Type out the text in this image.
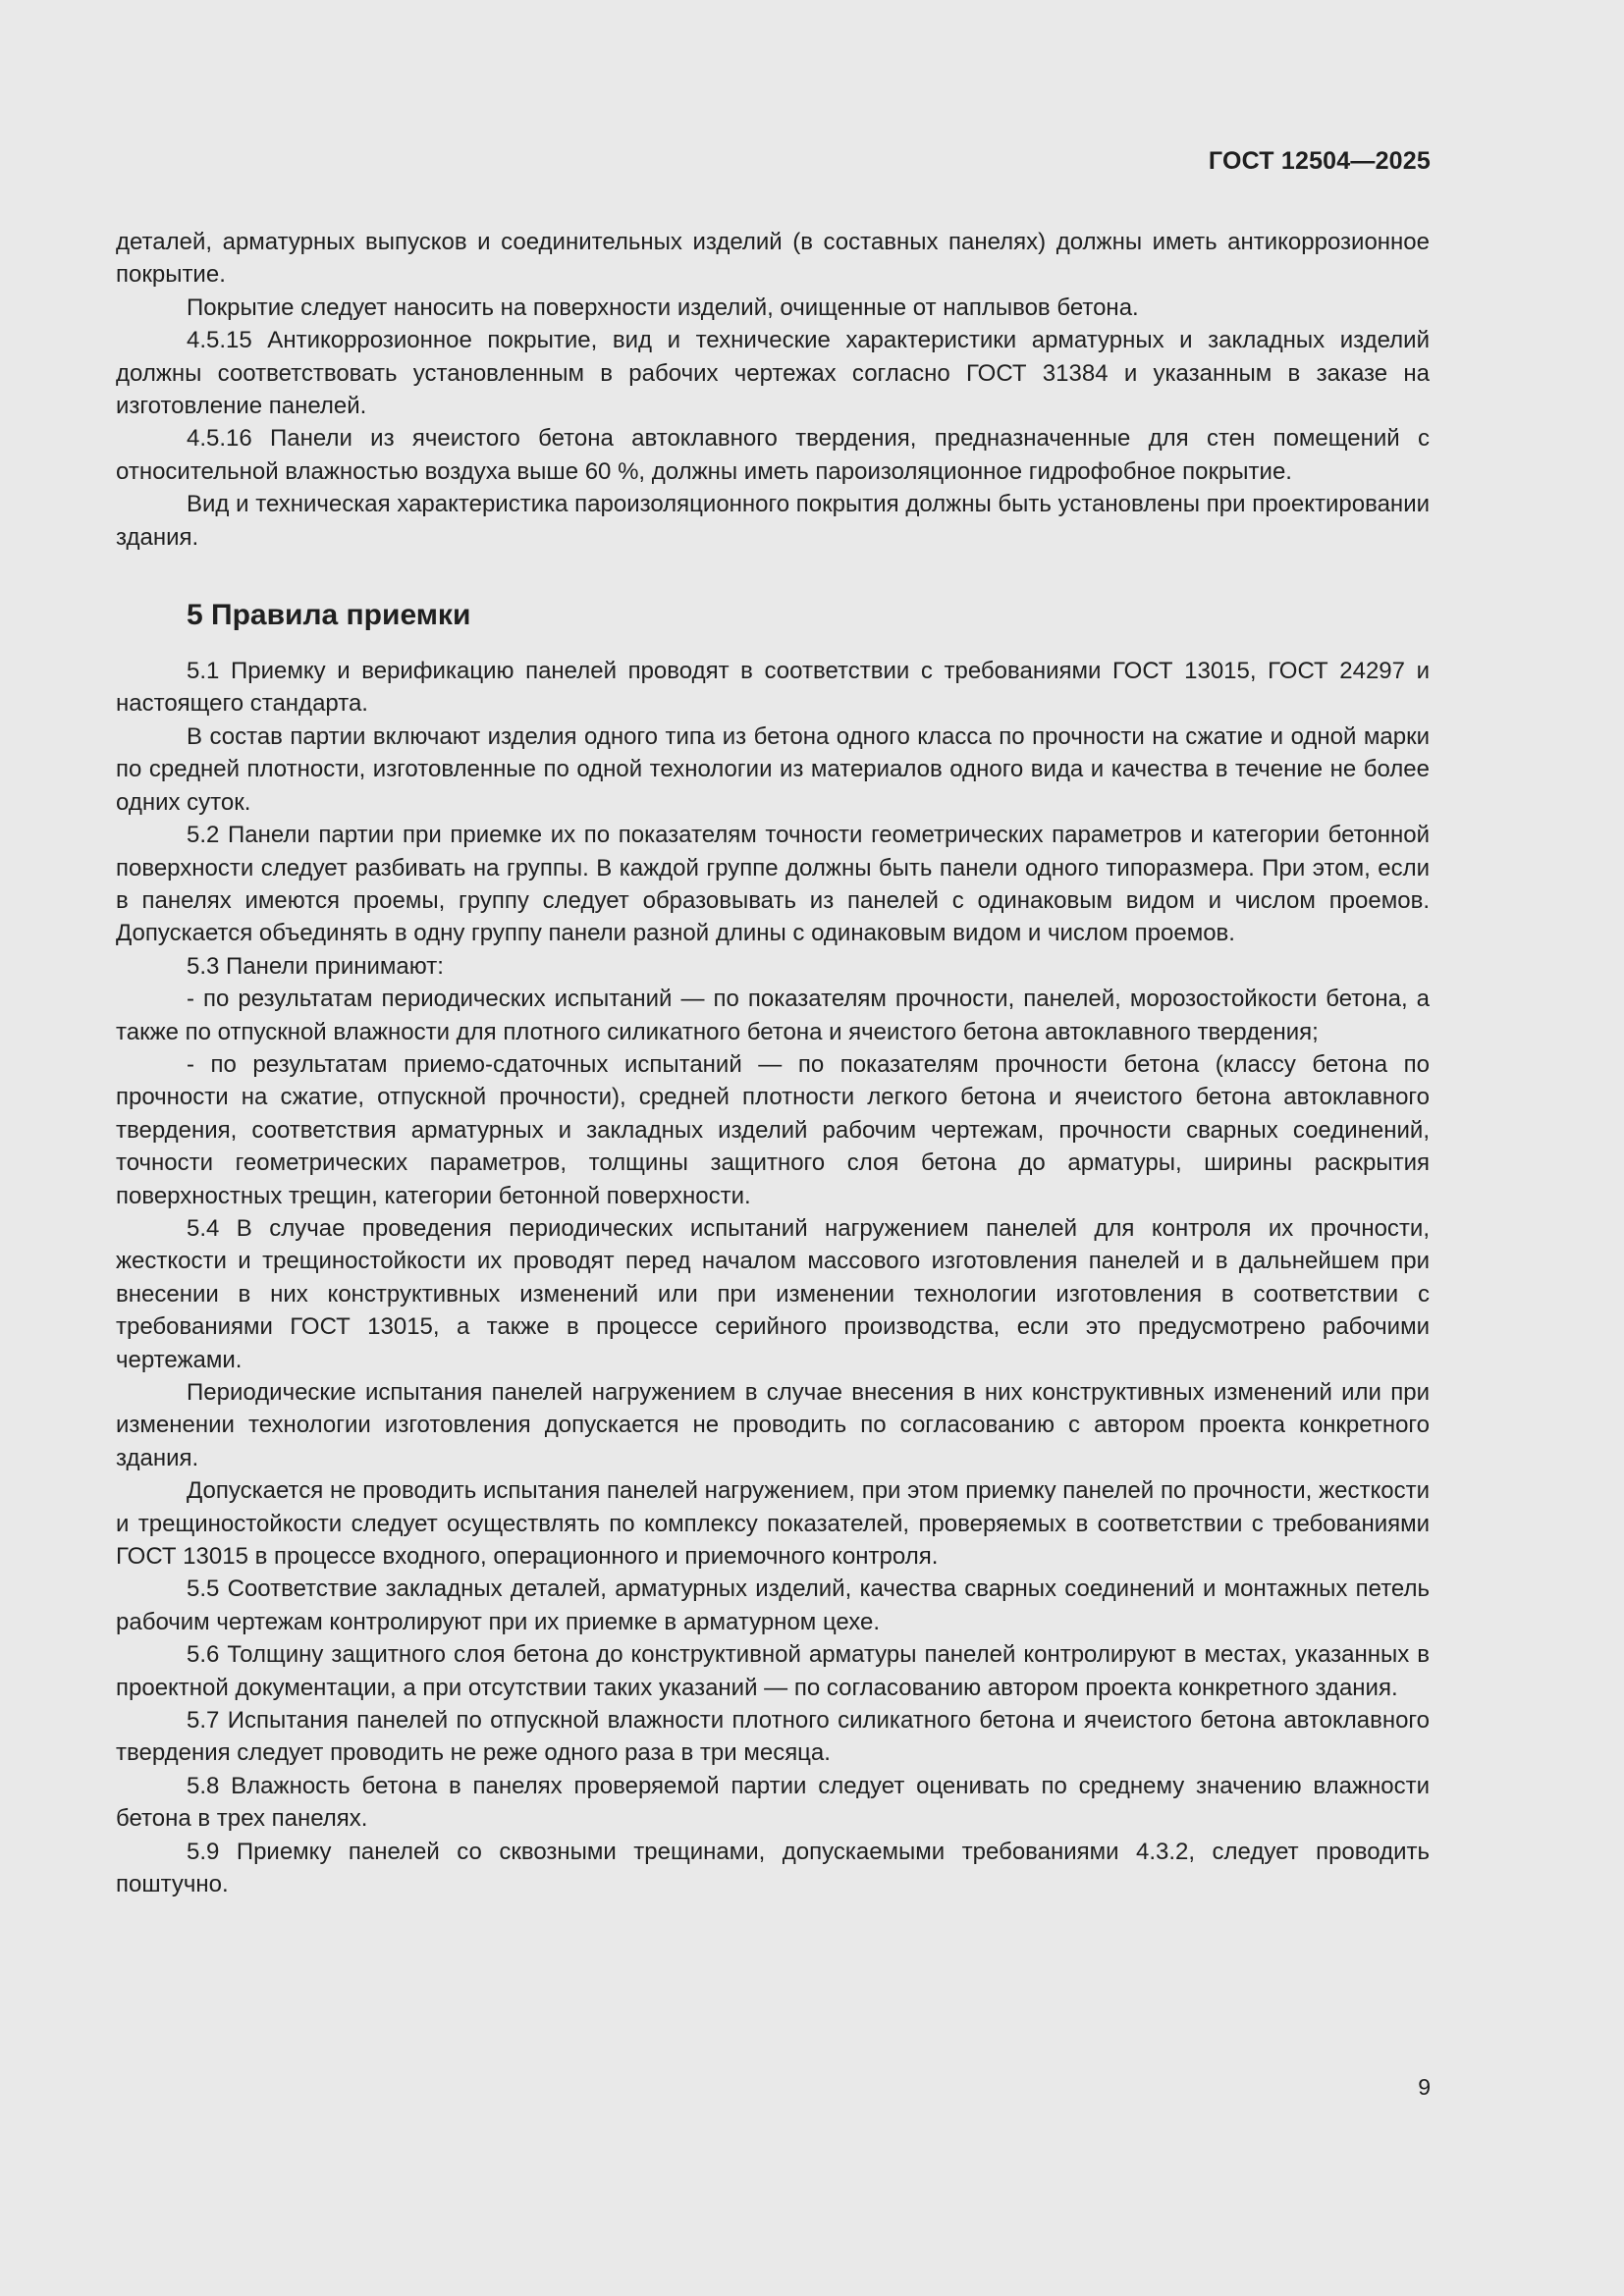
ГОСТ 12504—2025

деталей, арматурных выпусков и соединительных изделий (в составных панелях) должны иметь антикоррозионное покрытие.

Покрытие следует наносить на поверхности изделий, очищенные от наплывов бетона.

4.5.15 Антикоррозионное покрытие, вид и технические характеристики арматурных и закладных изделий должны соответствовать установленным в рабочих чертежах согласно ГОСТ 31384 и указанным в заказе на изготовление панелей.

4.5.16 Панели из ячеистого бетона автоклавного твердения, предназначенные для стен помещений с относительной влажностью воздуха выше 60 %, должны иметь пароизоляционное гидрофобное покрытие.

Вид и техническая характеристика пароизоляционного покрытия должны быть установлены при проектировании здания.

5 Правила приемки

5.1 Приемку и верификацию панелей проводят в соответствии с требованиями ГОСТ 13015, ГОСТ 24297 и настоящего стандарта.

В состав партии включают изделия одного типа из бетона одного класса по прочности на сжатие и одной марки по средней плотности, изготовленные по одной технологии из материалов одного вида и качества в течение не более одних суток.

5.2 Панели партии при приемке их по показателям точности геометрических параметров и категории бетонной поверхности следует разбивать на группы. В каждой группе должны быть панели одного типоразмера. При этом, если в панелях имеются проемы, группу следует образовывать из панелей с одинаковым видом и числом проемов. Допускается объединять в одну группу панели разной длины с одинаковым видом и числом проемов.

5.3 Панели принимают:

- по результатам периодических испытаний — по показателям прочности, панелей, морозостойкости бетона, а также по отпускной влажности для плотного силикатного бетона и ячеистого бетона автоклавного твердения;

- по результатам приемо-сдаточных испытаний — по показателям прочности бетона (классу бетона по прочности на сжатие, отпускной прочности), средней плотности легкого бетона и ячеистого бетона автоклавного твердения, соответствия арматурных и закладных изделий рабочим чертежам, прочности сварных соединений, точности геометрических параметров, толщины защитного слоя бетона до арматуры, ширины раскрытия поверхностных трещин, категории бетонной поверхности.

5.4 В случае проведения периодических испытаний нагружением панелей для контроля их прочности, жесткости и трещиностойкости их проводят перед началом массового изготовления панелей и в дальнейшем при внесении в них конструктивных изменений или при изменении технологии изготовления в соответствии с требованиями ГОСТ 13015, а также в процессе серийного производства, если это предусмотрено рабочими чертежами.

Периодические испытания панелей нагружением в случае внесения в них конструктивных изменений или при изменении технологии изготовления допускается не проводить по согласованию с автором проекта конкретного здания.

Допускается не проводить испытания панелей нагружением, при этом приемку панелей по прочности, жесткости и трещиностойкости следует осуществлять по комплексу показателей, проверяемых в соответствии с требованиями ГОСТ 13015 в процессе входного, операционного и приемочного контроля.

5.5 Соответствие закладных деталей, арматурных изделий, качества сварных соединений и монтажных петель рабочим чертежам контролируют при их приемке в арматурном цехе.

5.6 Толщину защитного слоя бетона до конструктивной арматуры панелей контролируют в местах, указанных в проектной документации, а при отсутствии таких указаний — по согласованию автором проекта конкретного здания.

5.7 Испытания панелей по отпускной влажности плотного силикатного бетона и ячеистого бетона автоклавного твердения следует проводить не реже одного раза в три месяца.

5.8 Влажность бетона в панелях проверяемой партии следует оценивать по среднему значению влажности бетона в трех панелях.

5.9 Приемку панелей со сквозными трещинами, допускаемыми требованиями 4.3.2, следует проводить поштучно.

9
